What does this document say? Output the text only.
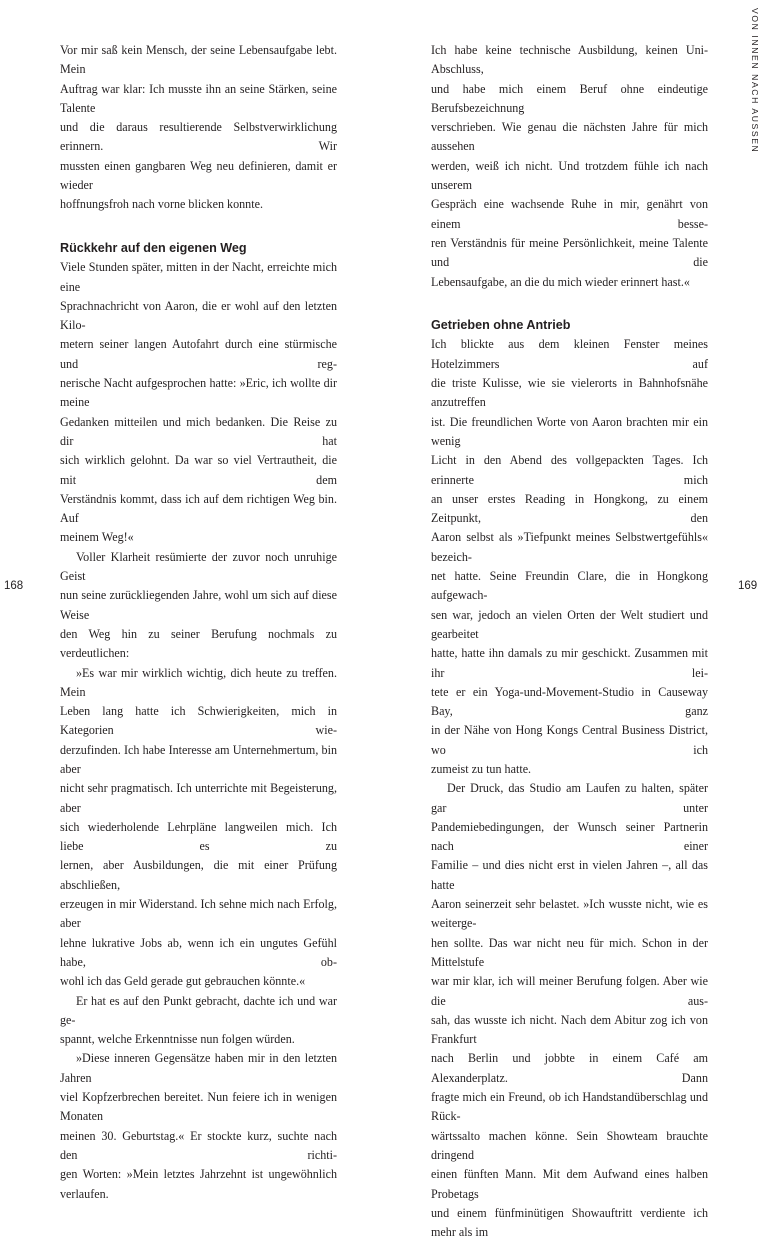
Vor mir saß kein Mensch, der seine Lebensaufgabe lebt. Mein

Auftrag war klar: Ich musste ihn an seine Stärken, seine Talente

und die daraus resultierende Selbstverwirklichung erinnern. Wir

mussten einen gangbaren Weg neu definieren, damit er wieder

hoffnungsfroh nach vorne blicken konnte.

Rückkehr auf den eigenen Weg

Viele Stunden später, mitten in der Nacht, erreichte mich eine

Sprachnachricht von Aaron, die er wohl auf den letzten Kilo-

metern seiner langen Autofahrt durch eine stürmische und reg-

nerische Nacht aufgesprochen hatte: »Eric, ich wollte dir meine

Gedanken mitteilen und mich bedanken. Die Reise zu dir hat

sich wirklich gelohnt. Da war so viel Vertrautheit, die mit dem

Verständnis kommt, dass ich auf dem richtigen Weg bin. Auf

meinem Weg!«

Voller Klarheit resümierte der zuvor noch unruhige Geist

nun seine zurückliegenden Jahre, wohl um sich auf diese Weise

den Weg hin zu seiner Berufung nochmals zu verdeutlichen:

»Es war mir wirklich wichtig, dich heute zu treffen. Mein

Leben lang hatte ich Schwierigkeiten, mich in Kategorien wie-

derzufinden. Ich habe Interesse am Unternehmertum, bin aber

nicht sehr pragmatisch. Ich unterrichte mit Begeisterung, aber

sich wiederholende Lehrpläne langweilen mich. Ich liebe es zu

lernen, aber Ausbildungen, die mit einer Prüfung abschließen,

erzeugen in mir Widerstand. Ich sehne mich nach Erfolg, aber

lehne lukrative Jobs ab, wenn ich ein ungutes Gefühl habe, ob-

wohl ich das Geld gerade gut gebrauchen könnte.«

Er hat es auf den Punkt gebracht, dachte ich und war ge-

spannt, welche Erkenntnisse nun folgen würden.

»Diese inneren Gegensätze haben mir in den letzten Jahren

viel Kopfzerbrechen bereitet. Nun feiere ich in wenigen Monaten

meinen 30. Geburtstag.« Er stockte kurz, suchte nach den richti-

gen Worten: »Mein letztes Jahrzehnt ist ungewöhnlich verlaufen.

168

Ich habe keine technische Ausbildung, keinen Uni-Abschluss,

und habe mich einem Beruf ohne eindeutige Berufsbezeichnung

verschrieben. Wie genau die nächsten Jahre für mich aussehen

werden, weiß ich nicht. Und trotzdem fühle ich nach unserem

Gespräch eine wachsende Ruhe in mir, genährt von einem besse-

ren Verständnis für meine Persönlichkeit, meine Talente und die

Lebensaufgabe, an die du mich wieder erinnert hast.«

Getrieben ohne Antrieb

Ich blickte aus dem kleinen Fenster meines Hotelzimmers auf

die triste Kulisse, wie sie vielerorts in Bahnhofsnähe anzutreffen

ist. Die freundlichen Worte von Aaron brachten mir ein wenig

Licht in den Abend des vollgepackten Tages. Ich erinnerte mich

an unser erstes Reading in Hongkong, zu einem Zeitpunkt, den

Aaron selbst als »Tiefpunkt meines Selbstwertgefühls« bezeich-

net hatte. Seine Freundin Clare, die in Hongkong aufgewach-

sen war, jedoch an vielen Orten der Welt studiert und gearbeitet

hatte, hatte ihn damals zu mir geschickt. Zusammen mit ihr lei-

tete er ein Yoga-und-Movement-Studio in Causeway Bay, ganz

in der Nähe von Hong Kongs Central Business District, wo ich

zumeist zu tun hatte.

Der Druck, das Studio am Laufen zu halten, später gar unter

Pandemiebedingungen, der Wunsch seiner Partnerin nach einer

Familie – und dies nicht erst in vielen Jahren –, all das hatte

Aaron seinerzeit sehr belastet. »Ich wusste nicht, wie es weiterge-

hen sollte. Das war nicht neu für mich. Schon in der Mittelstufe

war mir klar, ich will meiner Berufung folgen. Aber wie die aus-

sah, das wusste ich nicht. Nach dem Abitur zog ich von Frankfurt

nach Berlin und jobbte in einem Café am Alexanderplatz. Dann

fragte mich ein Freund, ob ich Handstandüberschlag und Rück-

wärtssalto machen könne. Sein Showteam brauchte dringend

einen fünften Mann. Mit dem Aufwand eines halben Probetags

und einem fünfminütigen Showauftritt verdiente ich mehr als im

VON INNEN NACH AUSSEN
169
